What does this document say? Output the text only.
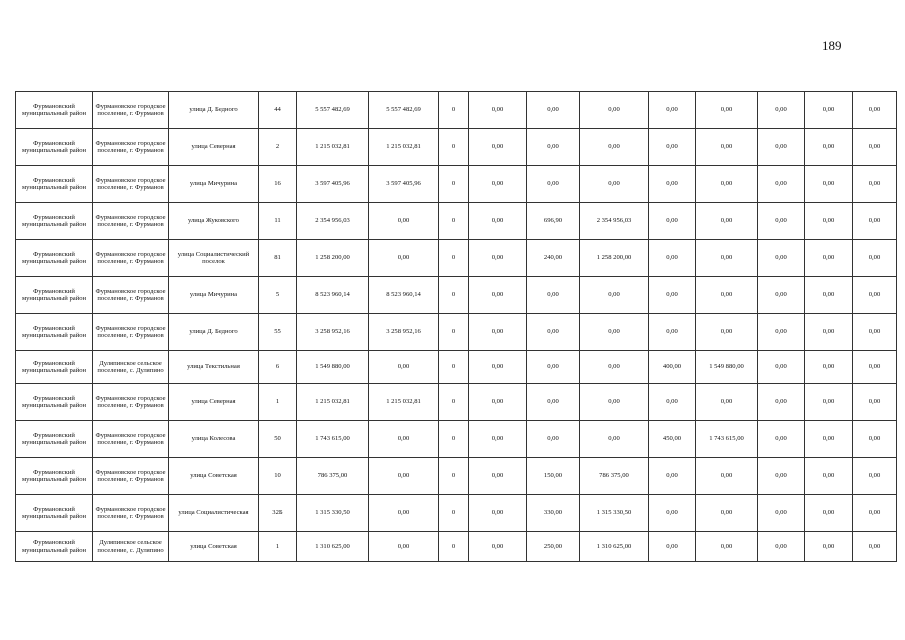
189
Фурмановский муниципальный район	Фурмановское городское поселение, г. Фурманов	улица Д. Бедного	44	5 557 482,69	5 557 482,69	0	0,00	0,00	0,00	0,00	0,00	0,00	0,00	0,00
Фурмановский муниципальный район	Фурмановское городское поселение, г. Фурманов	улица Северная	2	1 215 032,81	1 215 032,81	0	0,00	0,00	0,00	0,00	0,00	0,00	0,00	0,00
Фурмановский муниципальный район	Фурмановское городское поселение, г. Фурманов	улица Мичурина	16	3 597 405,96	3 597 405,96	0	0,00	0,00	0,00	0,00	0,00	0,00	0,00	0,00
Фурмановский муниципальный район	Фурмановское городское поселение, г. Фурманов	улица Жуковского	11	2 354 956,03	0,00	0	0,00	696,90	2 354 956,03	0,00	0,00	0,00	0,00	0,00
Фурмановский муниципальный район	Фурмановское городское поселение, г. Фурманов	улица Социалистический поселок	81	1 258 200,00	0,00	0	0,00	240,00	1 258 200,00	0,00	0,00	0,00	0,00	0,00
Фурмановский муниципальный район	Фурмановское городское поселение, г. Фурманов	улица Мичурина	5	8 523 960,14	8 523 960,14	0	0,00	0,00	0,00	0,00	0,00	0,00	0,00	0,00
Фурмановский муниципальный район	Фурмановское городское поселение, г. Фурманов	улица Д. Бедного	55	3 258 952,16	3 258 952,16	0	0,00	0,00	0,00	0,00	0,00	0,00	0,00	0,00
Фурмановский муниципальный район	Дуляпинское сельское поселение, с. Дуляпино	улица Текстильная	6	1 549 880,00	0,00	0	0,00	0,00	0,00	400,00	1 549 880,00	0,00	0,00	0,00
Фурмановский муниципальный район	Фурмановское городское поселение, г. Фурманов	улица Северная	1	1 215 032,81	1 215 032,81	0	0,00	0,00	0,00	0,00	0,00	0,00	0,00	0,00
Фурмановский муниципальный район	Фурмановское городское поселение, г. Фурманов	улица Колесова	50	1 743 615,00	0,00	0	0,00	0,00	0,00	450,00	1 743 615,00	0,00	0,00	0,00
Фурмановский муниципальный район	Фурмановское городское поселение, г. Фурманов	улица Советская	10	786 375,00	0,00	0	0,00	150,00	786 375,00	0,00	0,00	0,00	0,00	0,00
Фурмановский муниципальный район	Фурмановское городское поселение, г. Фурманов	улица Социалистическая	32Б	1 315 330,50	0,00	0	0,00	330,00	1 315 330,50	0,00	0,00	0,00	0,00	0,00
Фурмановский муниципальный район	Дуляпинское сельское поселение, с. Дуляпино	улица Советская	1	1 310 625,00	0,00	0	0,00	250,00	1 310 625,00	0,00	0,00	0,00	0,00	0,00
